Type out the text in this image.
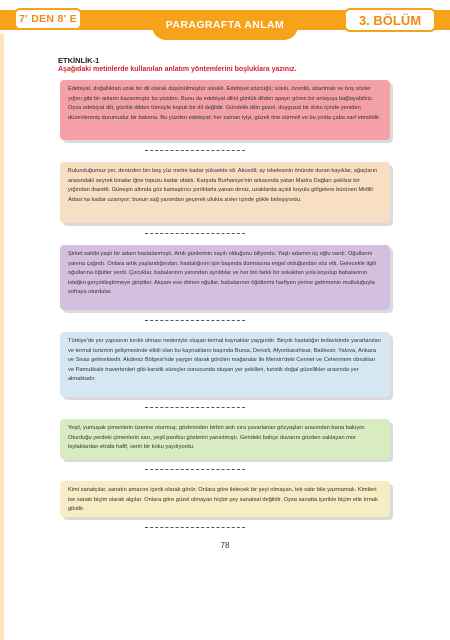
7' DEN 8' E	PARAGRAFTA ANLAM	3. BÖLÜM
ETKİNLİK-1
Aşağıdaki metinlerde kullanılan anlatım yöntemlerini boşluklara yazınız.

Edebiyat, doğallıktan uzak bir dil olarak düşünülmüştür sürekli. Edebiyat sözcüğü; süslü, özentili, abartmalı ve boş sözler yığını gibi bir anlamı kazanmıştır bu yüzden. Bunu da edebiyat dilini günlük dilden apayrı gören bir anlayışa bağlayabiliriz. Oysa edebiyat dili, günlük dilden tümüyle kopuk bir dil değildir. Gündelik dilin güzel, duygusal bir doku içinde yeniden düzenlenmiş durumudur bir bakıma. Bu yüzden edebiyat; her zaman iyiyi, güzeli öne sürmeli ve bu yolda çaba sarf etmelidir.

Bulunduğumuz yer, denizden bin beş yüz metre kadar yüksekte idi. Akcedil; ay iskelesinin önünde duran kayıklar, ağaçların arasındaki seyrek binalar iğne topuzu kadar ufaktı. Karşıda Burhaniye'nin arkasında yatan Madra Dağları şekilsiz bir yığından ibaretti. Güneşin altında göz kamaştırıcı pırıltılarla yanan deniz, uzaklarda açıklı koyulu gölgelere bürünen Midilli Adası'na kadar uzanıyor; bunun sağ yanından geçerek ufukta sisler içinde gökle birleşiyordu.

Şirket sahibi yaşlı bir adam hastalanmıştı. Artık günlerinin sayılı olduğunu biliyordu. Yaşlı adamın üç oğlu vardı. Oğullarını yanına çağırdı. Onlara artık yaşlandığından, hastalığının işin başında durmasına engel olduğundan söz etti. Gelecekle ilgili oğullarına öğütler verdi. Çocuklar, babalarının yanından ayrıldılar ve her biri farklı bir sokaktan yola koyulup babalarının isteğini gerçekleştirmeye giriştiler. Akşam eve dönen oğullar, babalarının öğütlerini harfiyen yerine getirmenin mutluluğuyla sofraya oturdular.

Türkiye'de yer yapısının kırıklı olması nedeniyle oluşan termal kaynaklar yaygındır. Birçok hastalığın tedavisinde yararlanılan ve termal turizmin gelişmesinde etkili olan bu kaynakların başında Bursa, Denizli, Afyonkarahisar, Balıkesir, Yalova, Ankara ve Sivas gelmektedir. Akdeniz Bölgesi'nde yaygın olarak görülen mağaralar ile Mersin'deki Cennet ve Cehennem obrukları ve Pamukkale travertenleri gibi karstik süreçler sonucunda oluşan yer şekilleri, turistik doğal güzellikler arasında yer almaktadır.

Yeşil, yumuşak çimenlerin üzerine oturmuş; gözlerinden birbiri ardı sıra yuvarlanan gözyaşları arasından bana bakıyor. Oturduğu yerdeki çimenlerin sarı, yeşil parıltısı gözlerini yansıtmıştı. Gerideki bahçe duvarını gözden saklayan mor leylaklardan etrafa hafif, serin bir koku yayılıyordu.

78

Kimi sanatçılar, sanatın amacını içerik olarak görür. Onlara göre iletecek bir şeyi olmayan, tek satır bile yazmamalı. Kimileri ise sanatı biçim olarak algılar. Onlara göre güzel olmayan hiçbir şey sanatsal değildir. Oysa sanatta içerikle biçim etle tırnak gibidir.
